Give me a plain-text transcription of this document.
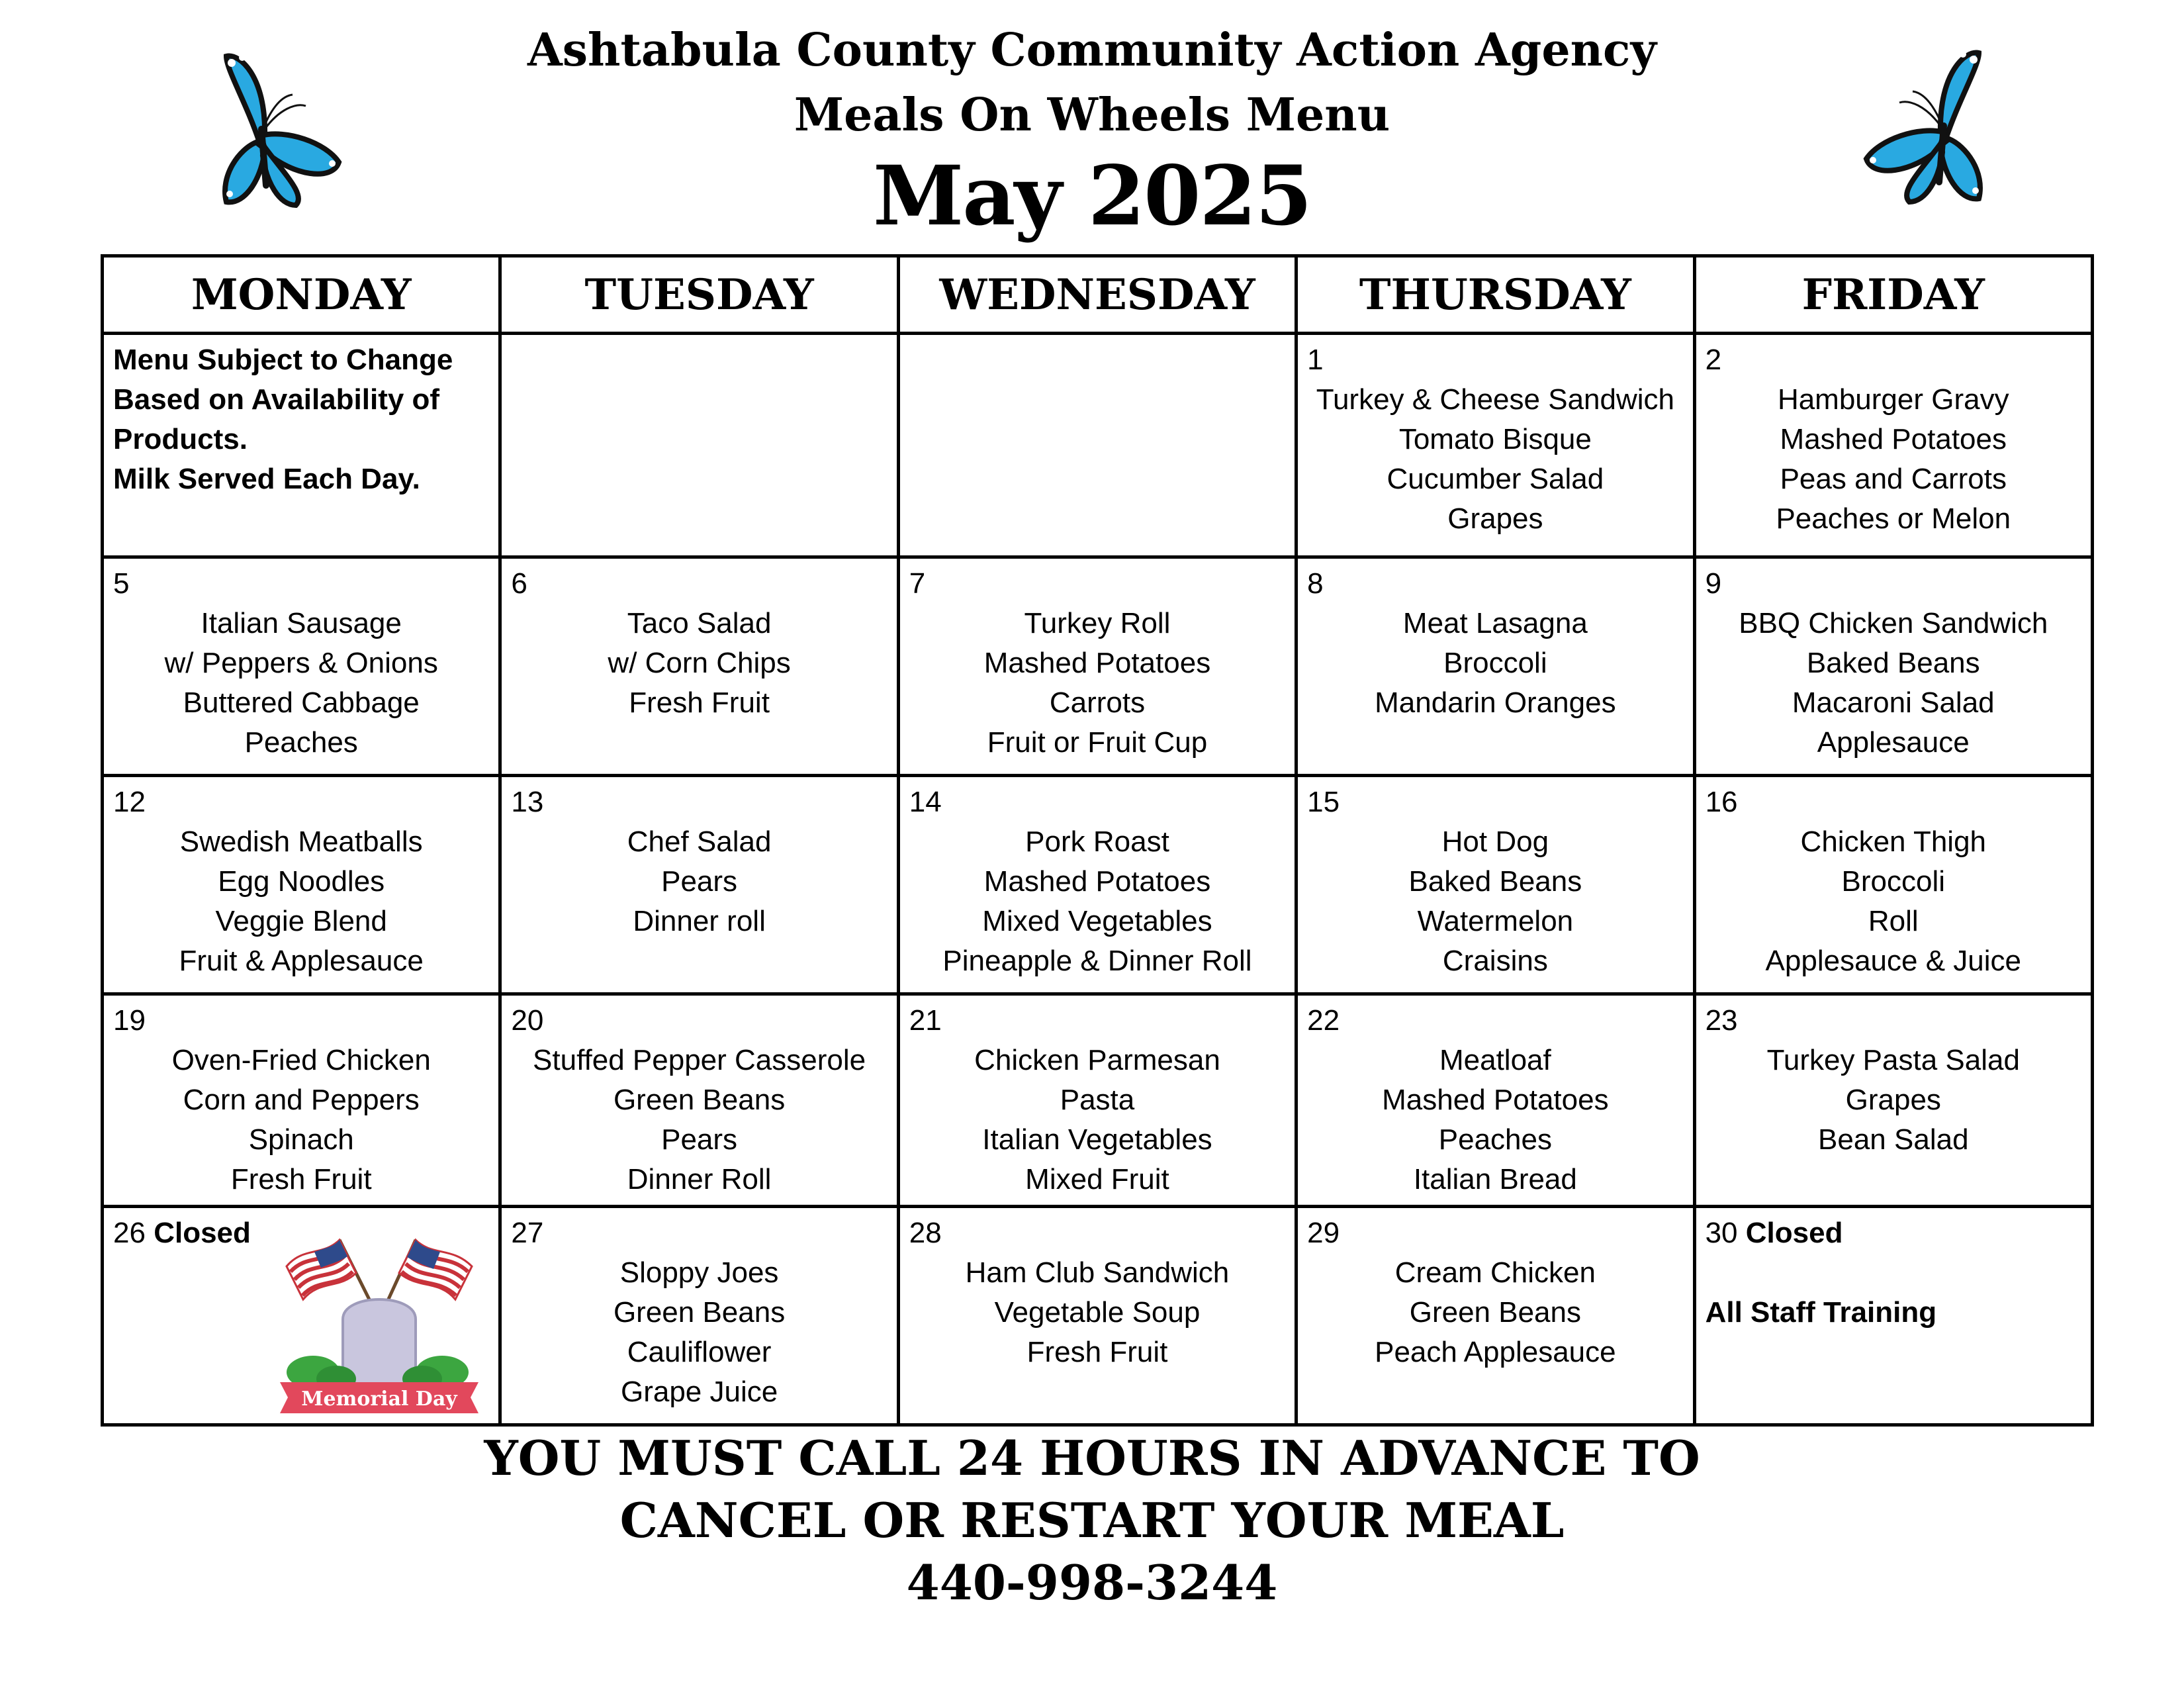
Ashtabula County Community Action Agency
Meals On Wheels Menu
May 2025
MONDAY	TUESDAY	WEDNESDAY	THURSDAY	FRIDAY

Menu Subject to Change
Based on Availability of
Products.
Milk Served Each Day.			1
Turkey & Cheese Sandwich
Tomato Bisque
Cucumber Salad
Grapes	2
Hamburger Gravy
Mashed Potatoes
Peas and Carrots
Peaches or Melon

5
Italian Sausage
w/ Peppers & Onions
Buttered Cabbage
Peaches	6
Taco Salad
w/ Corn Chips
Fresh Fruit	7
Turkey Roll
Mashed Potatoes
Carrots
Fruit or Fruit Cup	8
Meat Lasagna
Broccoli
Mandarin Oranges	9
BBQ Chicken Sandwich
Baked Beans
Macaroni Salad
Applesauce

12
Swedish Meatballs
Egg Noodles
Veggie Blend
Fruit & Applesauce	13
Chef Salad
Pears
Dinner roll	14
Pork Roast
Mashed Potatoes
Mixed Vegetables
Pineapple & Dinner Roll	15
Hot Dog
Baked Beans
Watermelon
Craisins	16
Chicken Thigh
Broccoli
Roll
Applesauce & Juice

19
Oven-Fried Chicken
Corn and Peppers
Spinach
Fresh Fruit	20
Stuffed Pepper Casserole
Green Beans
Pears
Dinner Roll	21
Chicken Parmesan
Pasta
Italian Vegetables
Mixed Fruit	22
Meatloaf
Mashed Potatoes
Peaches
Italian Bread	23
Turkey Pasta Salad
Grapes
Bean Salad

26 Closed
Memorial Day	27
Sloppy Joes
Green Beans
Cauliflower
Grape Juice	28
Ham Club Sandwich
Vegetable Soup
Fresh Fruit	29
Cream Chicken
Green Beans
Peach Applesauce	30 Closed
All Staff Training
YOU MUST CALL 24 HOURS IN ADVANCE TO
CANCEL OR RESTART YOUR MEAL
440-998-3244
